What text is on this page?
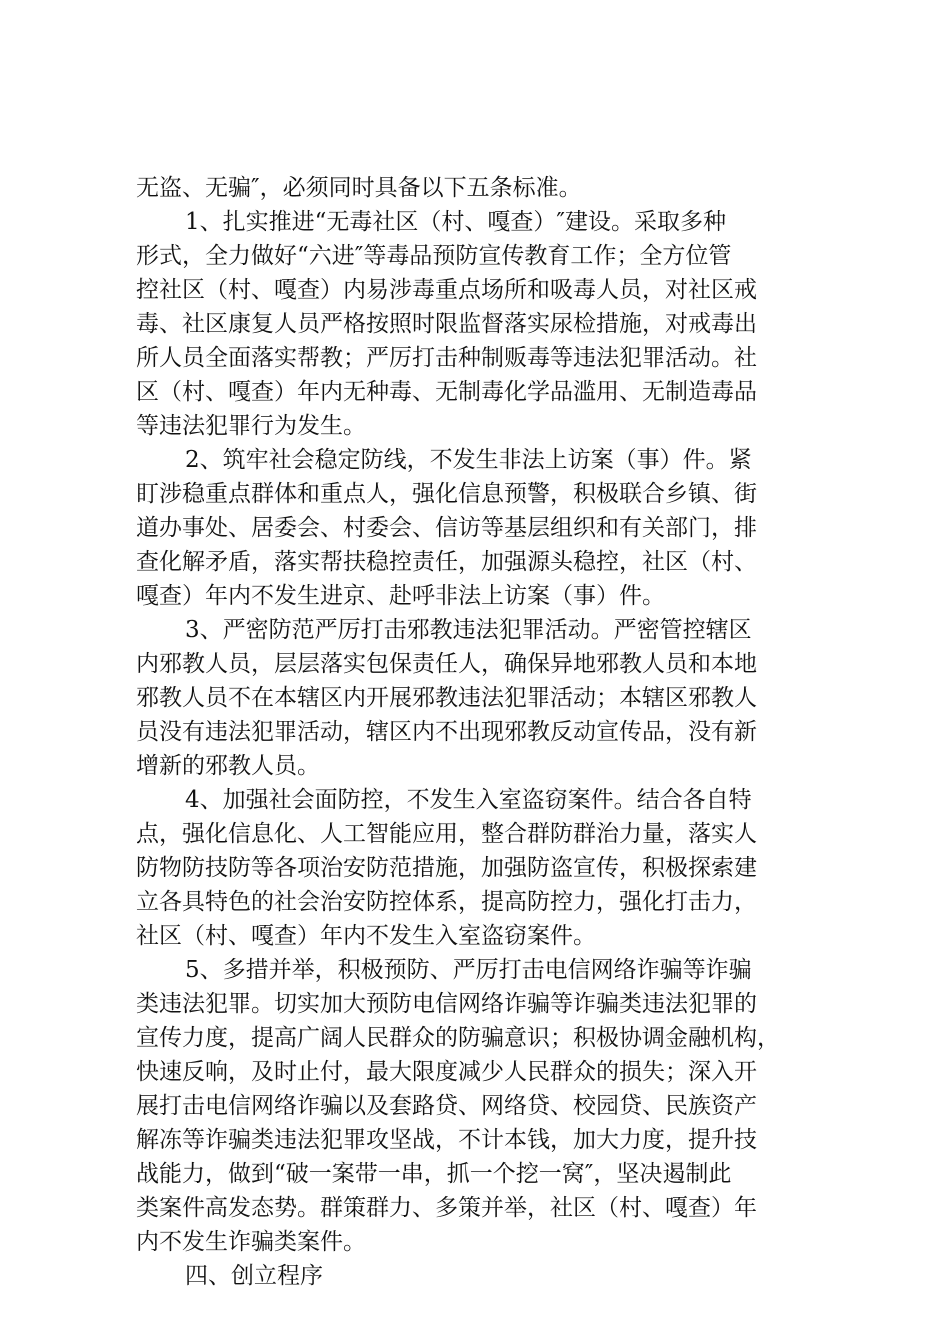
无盗、无骗″，必须同时具备以下五条标准。
1、扎实推进“无毒社区（村、嘎查）″建设。采取多种
形式，全力做好“六进″等毒品预防宣传教育工作；全方位管
控社区（村、嘎查）内易涉毒重点场所和吸毒人员，对社区戒
毒、社区康复人员严格按照时限监督落实尿检措施，对戒毒出
所人员全面落实帮教；严厉打击种制贩毒等违法犯罪活动。社
区（村、嘎查）年内无种毒、无制毒化学品滥用、无制造毒品
等违法犯罪行为发生。
2、筑牢社会稳定防线，不发生非法上访案（事）件。紧
盯涉稳重点群体和重点人，强化信息预警，积极联合乡镇、街
道办事处、居委会、村委会、信访等基层组织和有关部门，排
查化解矛盾，落实帮扶稳控责任，加强源头稳控，社区（村、
嘎查）年内不发生进京、赴呼非法上访案（事）件。
3、严密防范严厉打击邪教违法犯罪活动。严密管控辖区
内邪教人员，层层落实包保责任人，确保异地邪教人员和本地
邪教人员不在本辖区内开展邪教违法犯罪活动；本辖区邪教人
员没有违法犯罪活动，辖区内不出现邪教反动宣传品，没有新
增新的邪教人员。
4、加强社会面防控，不发生入室盗窃案件。结合各自特
点，强化信息化、人工智能应用，整合群防群治力量，落实人
防物防技防等各项治安防范措施，加强防盗宣传，积极探索建
立各具特色的社会治安防控体系，提高防控力，强化打击力，
社区（村、嘎查）年内不发生入室盗窃案件。
5、多措并举，积极预防、严厉打击电信网络诈骗等诈骗
类违法犯罪。切实加大预防电信网络诈骗等诈骗类违法犯罪的
宣传力度，提高广阔人民群众的防骗意识；积极协调金融机构，
快速反响，及时止付，最大限度减少人民群众的损失；深入开
展打击电信网络诈骗以及套路贷、网络贷、校园贷、民族资产
解冻等诈骗类违法犯罪攻坚战，不计本钱，加大力度，提升技
战能力，做到“破一案带一串，抓一个挖一窝″，坚决遏制此
类案件高发态势。群策群力、多策并举，社区（村、嘎查）年
内不发生诈骗类案件。
四、创立程序
